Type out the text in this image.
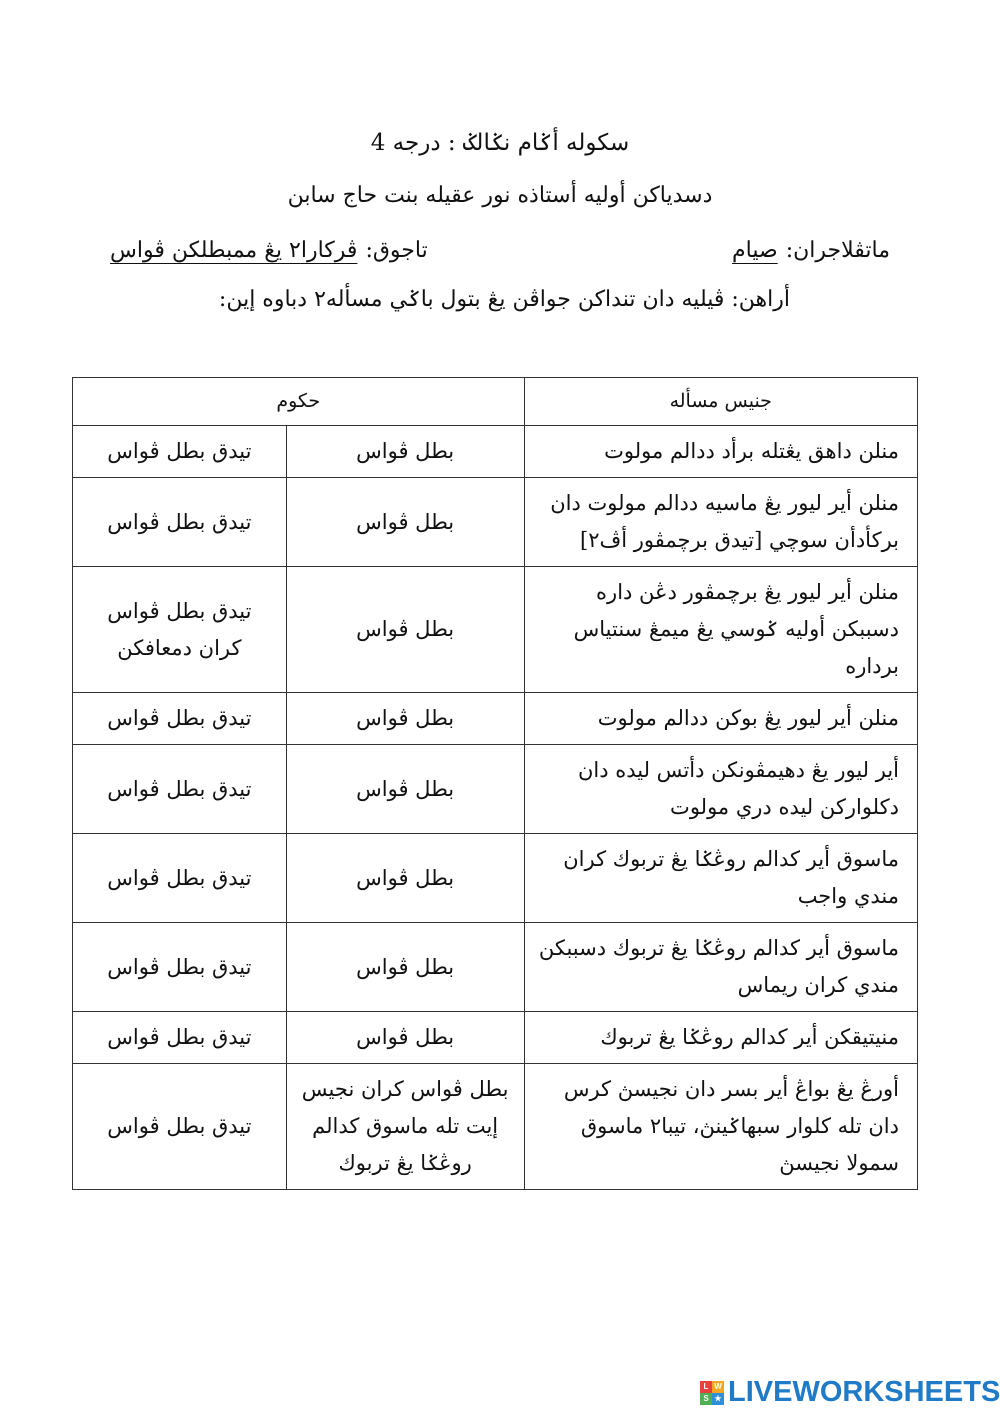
سكوله أݢام نݢالݢ : درجه 4
دسدياكن أوليه أستاذه نور عقيله بنت حاج سابن
ماتڤلاجران:صيام
تاجوق:ڤركارا٢ يڠ ممبطلكن ڤواس
أراهن: ڤيليه دان تنداكن جواڤن يڠ بتول باݢي مسأله٢ دباوه إين:
جنيس مسأله	حكوم	
منلن داهق يڠتله برأد ددالم مولوت	بطل ڤواس	تيدق بطل ڤواس
منلن أير ليور يڠ ماسيه ددالم مولوت دان بركأدأن سوچي [تيدق برچمڤور أڤ٢]	بطل ڤواس	تيدق بطل ڤواس
منلن أير ليور يڠ برچمڤور دڠن داره دسببكن أوليه ݢوسي يڠ ميمڠ سنتياس برداره	بطل ڤواس	تيدق بطل ڤواس كران دمعافكن
منلن أير ليور يڠ بوكن ددالم مولوت	بطل ڤواس	تيدق بطل ڤواس
أير ليور يڠ دهيمڤونكن دأتس ليده دان دكلواركن ليده دري مولوت	بطل ڤواس	تيدق بطل ڤواس
ماسوق أير كدالم روڠݢا يڠ تربوك كران مندي واجب	بطل ڤواس	تيدق بطل ڤواس
ماسوق أير كدالم روڠݢا يڠ تربوك دسببكن مندي كران ريماس	بطل ڤواس	تيدق بطل ڤواس
منيتيقكن أير كدالم روڠݢا يڠ تربوك	بطل ڤواس	تيدق بطل ڤواس
أورڠ يڠ بواڠ أير بسر دان نجيسڽ كرس دان تله كلوار سبهاݢينڽ، تيبا٢ ماسوق سمولا نجيسڽ	بطل ڤواس كران نجيس إيت تله ماسوق كدالم روڠݢا يڠ تربوك	تيدق بطل ڤواس
L W
S ★ LIVEWORKSHEETS
